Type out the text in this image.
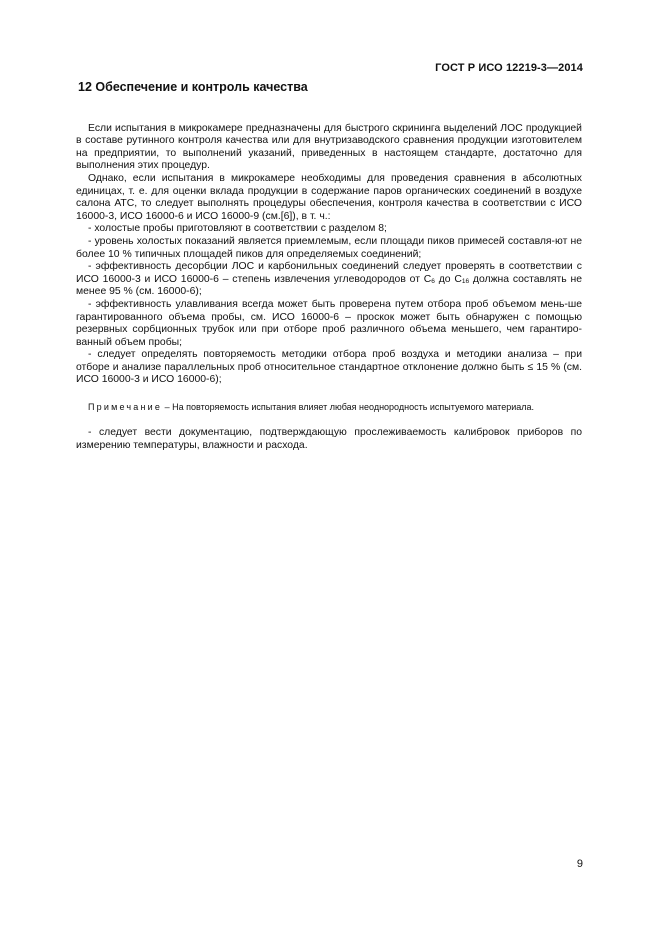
ГОСТ Р ИСО 12219-3—2014
12 Обеспечение и контроль качества

Если испытания в микрокамере предназначены для быстрого скрининга выделений ЛОС продукцией в составе рутинного контроля качества или для внутризаводского сравнения продукции изготовителем на предприятии, то выполнений указаний, приведенных в настоящем стандарте, достаточно для выполнения этих процедур.

Однако, если испытания в микрокамере необходимы для проведения сравнения в абсолютных единицах, т. е. для оценки вклада продукции в содержание паров органических соединений в воздухе салона АТС, то следует выполнять процедуры обеспечения, контроля качества в соответствии с ИСО 16000-3, ИСО 16000-6 и ИСО 16000-9 (см.[6]), в т. ч.:

- холостые пробы приготовляют в соответствии с разделом 8;

- уровень холостых показаний является приемлемым, если площади пиков примесей составля-ют не более 10 % типичных площадей пиков для определяемых соединений;

- эффективность десорбции ЛОС и карбонильных соединений следует проверять в соответствии с ИСО 16000-3 и ИСО 16000-6 – степень извлечения углеводородов от $С_6$ до $С_{16}$ должна составлять не менее 95 % (см. 16000-6);

- эффективность улавливания всегда может быть проверена путем отбора проб объемом мень-ше гарантированного объема пробы, см. ИСО 16000-6 – проскок может быть обнаружен с помощью резервных сорбционных трубок или при отборе проб различного объема меньшего, чем гарантиро-ванный объем пробы;

- следует определять повторяемость методики отбора проб воздуха и методики анализа – при отборе и анализе параллельных проб относительное стандартное отклонение должно быть ≤ 15 % (см. ИСО 16000-3 и ИСО 16000-6);

Примечание – На повторяемость испытания влияет любая неоднородность испытуемого материала.

- следует вести документацию, подтверждающую прослеживаемость калибровок приборов по измерению температуры, влажности и расхода.

9
